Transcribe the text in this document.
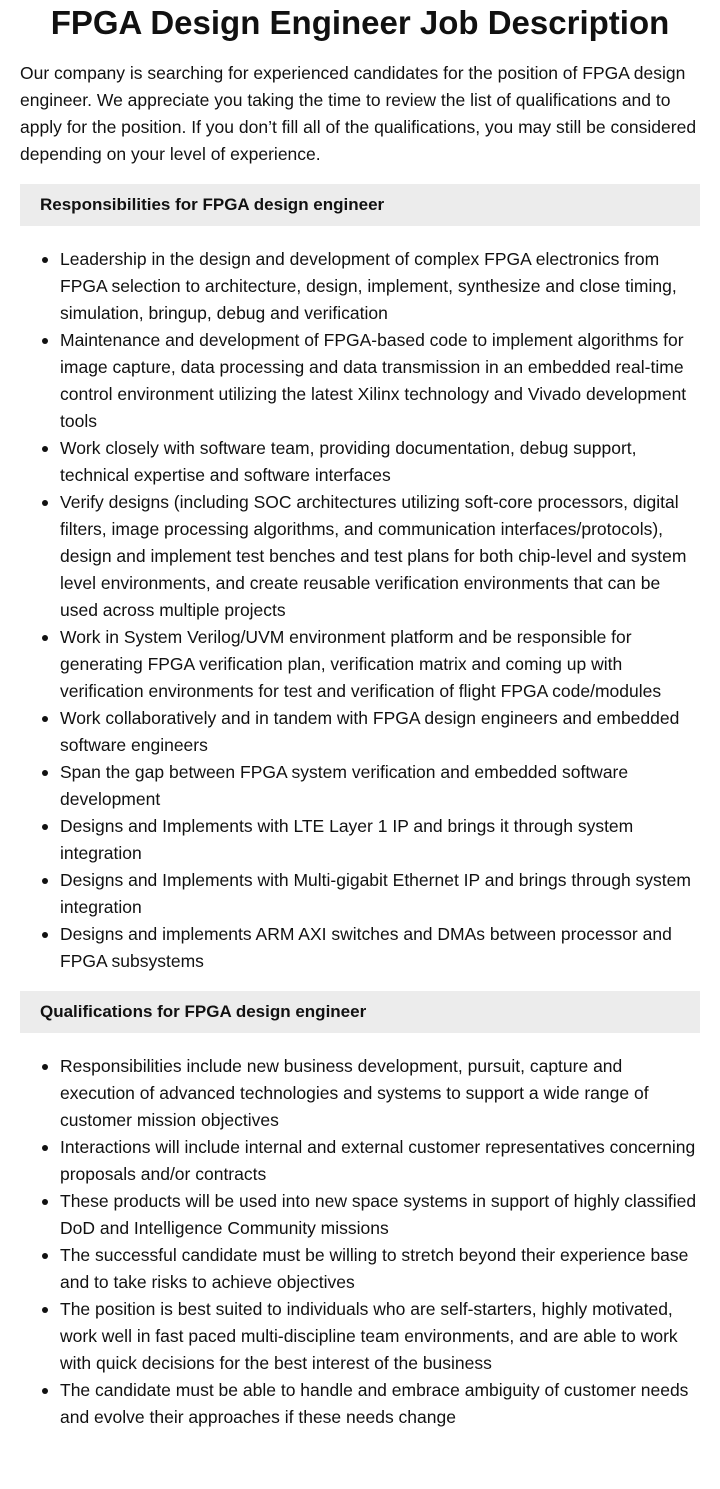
FPGA Design Engineer Job Description

Our company is searching for experienced candidates for the position of FPGA design engineer. We appreciate you taking the time to review the list of qualifications and to apply for the position. If you don’t fill all of the qualifications, you may still be considered depending on your level of experience.

Responsibilities for FPGA design engineer
Leadership in the design and development of complex FPGA electronics from FPGA selection to architecture, design, implement, synthesize and close timing, simulation, bringup, debug and verification
Maintenance and development of FPGA-based code to implement algorithms for image capture, data processing and data transmission in an embedded real-time control environment utilizing the latest Xilinx technology and Vivado development tools
Work closely with software team, providing documentation, debug support, technical expertise and software interfaces
Verify designs (including SOC architectures utilizing soft-core processors, digital filters, image processing algorithms, and communication interfaces/protocols), design and implement test benches and test plans for both chip-level and system level environments, and create reusable verification environments that can be used across multiple projects
Work in System Verilog/UVM environment platform and be responsible for generating FPGA verification plan, verification matrix and coming up with verification environments for test and verification of flight FPGA code/modules
Work collaboratively and in tandem with FPGA design engineers and embedded software engineers
Span the gap between FPGA system verification and embedded software development
Designs and Implements with LTE Layer 1 IP and brings it through system integration
Designs and Implements with Multi-gigabit Ethernet IP and brings through system integration
Designs and implements ARM AXI switches and DMAs between processor and FPGA subsystems
Qualifications for FPGA design engineer
Responsibilities include new business development, pursuit, capture and execution of advanced technologies and systems to support a wide range of customer mission objectives
Interactions will include internal and external customer representatives concerning proposals and/or contracts
These products will be used into new space systems in support of highly classified DoD and Intelligence Community missions
The successful candidate must be willing to stretch beyond their experience base and to take risks to achieve objectives
The position is best suited to individuals who are self-starters, highly motivated, work well in fast paced multi-discipline team environments, and are able to work with quick decisions for the best interest of the business
The candidate must be able to handle and embrace ambiguity of customer needs and evolve their approaches if these needs change
